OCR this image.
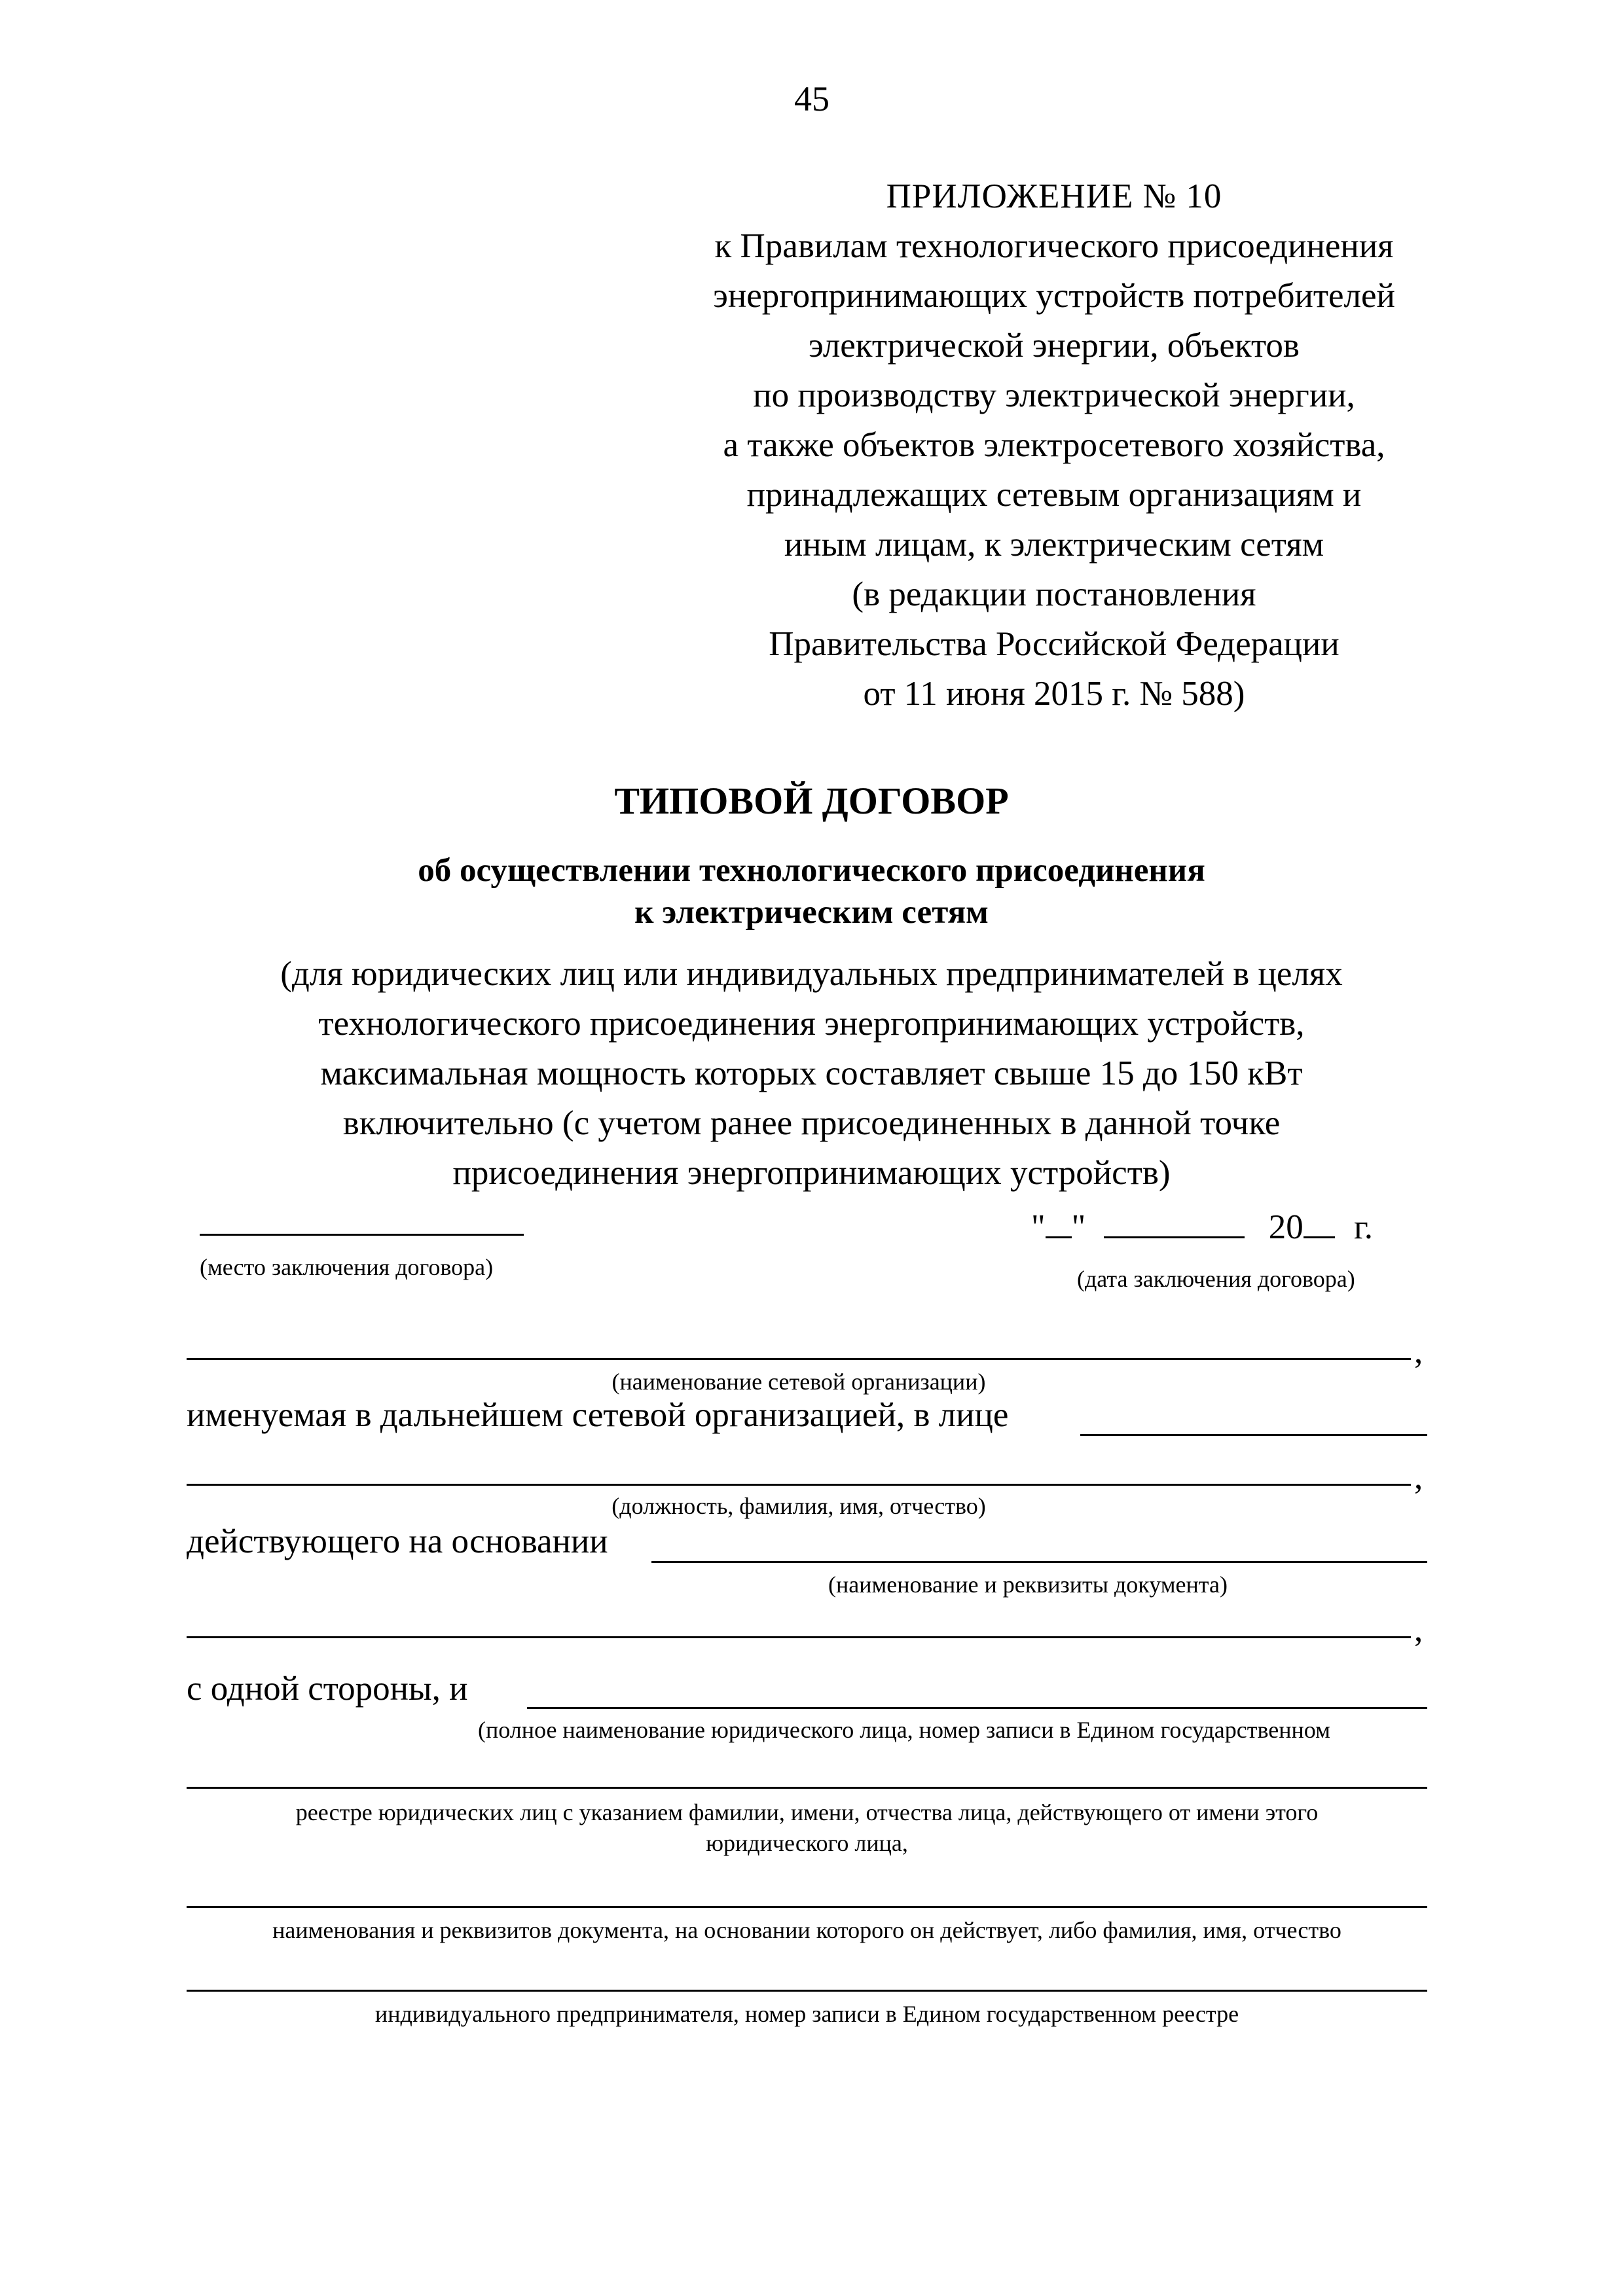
45
ПРИЛОЖЕНИЕ № 10
к Правилам технологического присоединения
энергопринимающих устройств потребителей
электрической энергии, объектов
по производству электрической энергии,
а также объектов электросетевого хозяйства,
принадлежащих сетевым организациям и
иным лицам, к электрическим сетям
(в редакции постановления
Правительства Российской Федерации
от 11 июня 2015 г. № 588)
ТИПОВОЙ ДОГОВОР
об осуществлении технологического присоединения
к электрическим сетям
(для юридических лиц или индивидуальных предпринимателей в целях
технологического присоединения энергопринимающих устройств,
максимальная мощность которых составляет свыше 15 до 150 кВт
включительно (с учетом ранее присоединенных в данной точке
присоединения энергопринимающих устройств)
(место заключения договора)
" "	20 г.
(дата заключения договора)
,
(наименование сетевой организации)
именуемая в дальнейшем сетевой организацией, в лице
,
(должность, фамилия, имя, отчество)
действующего на основании
(наименование и реквизиты документа)
,
с одной стороны, и
(полное наименование юридического лица, номер записи в Едином государственном
реестре юридических лиц с указанием фамилии, имени, отчества лица, действующего от имени этого
юридического лица,
наименования и реквизитов документа, на основании которого он действует, либо фамилия, имя, отчество
индивидуального предпринимателя, номер записи в Едином государственном реестре
